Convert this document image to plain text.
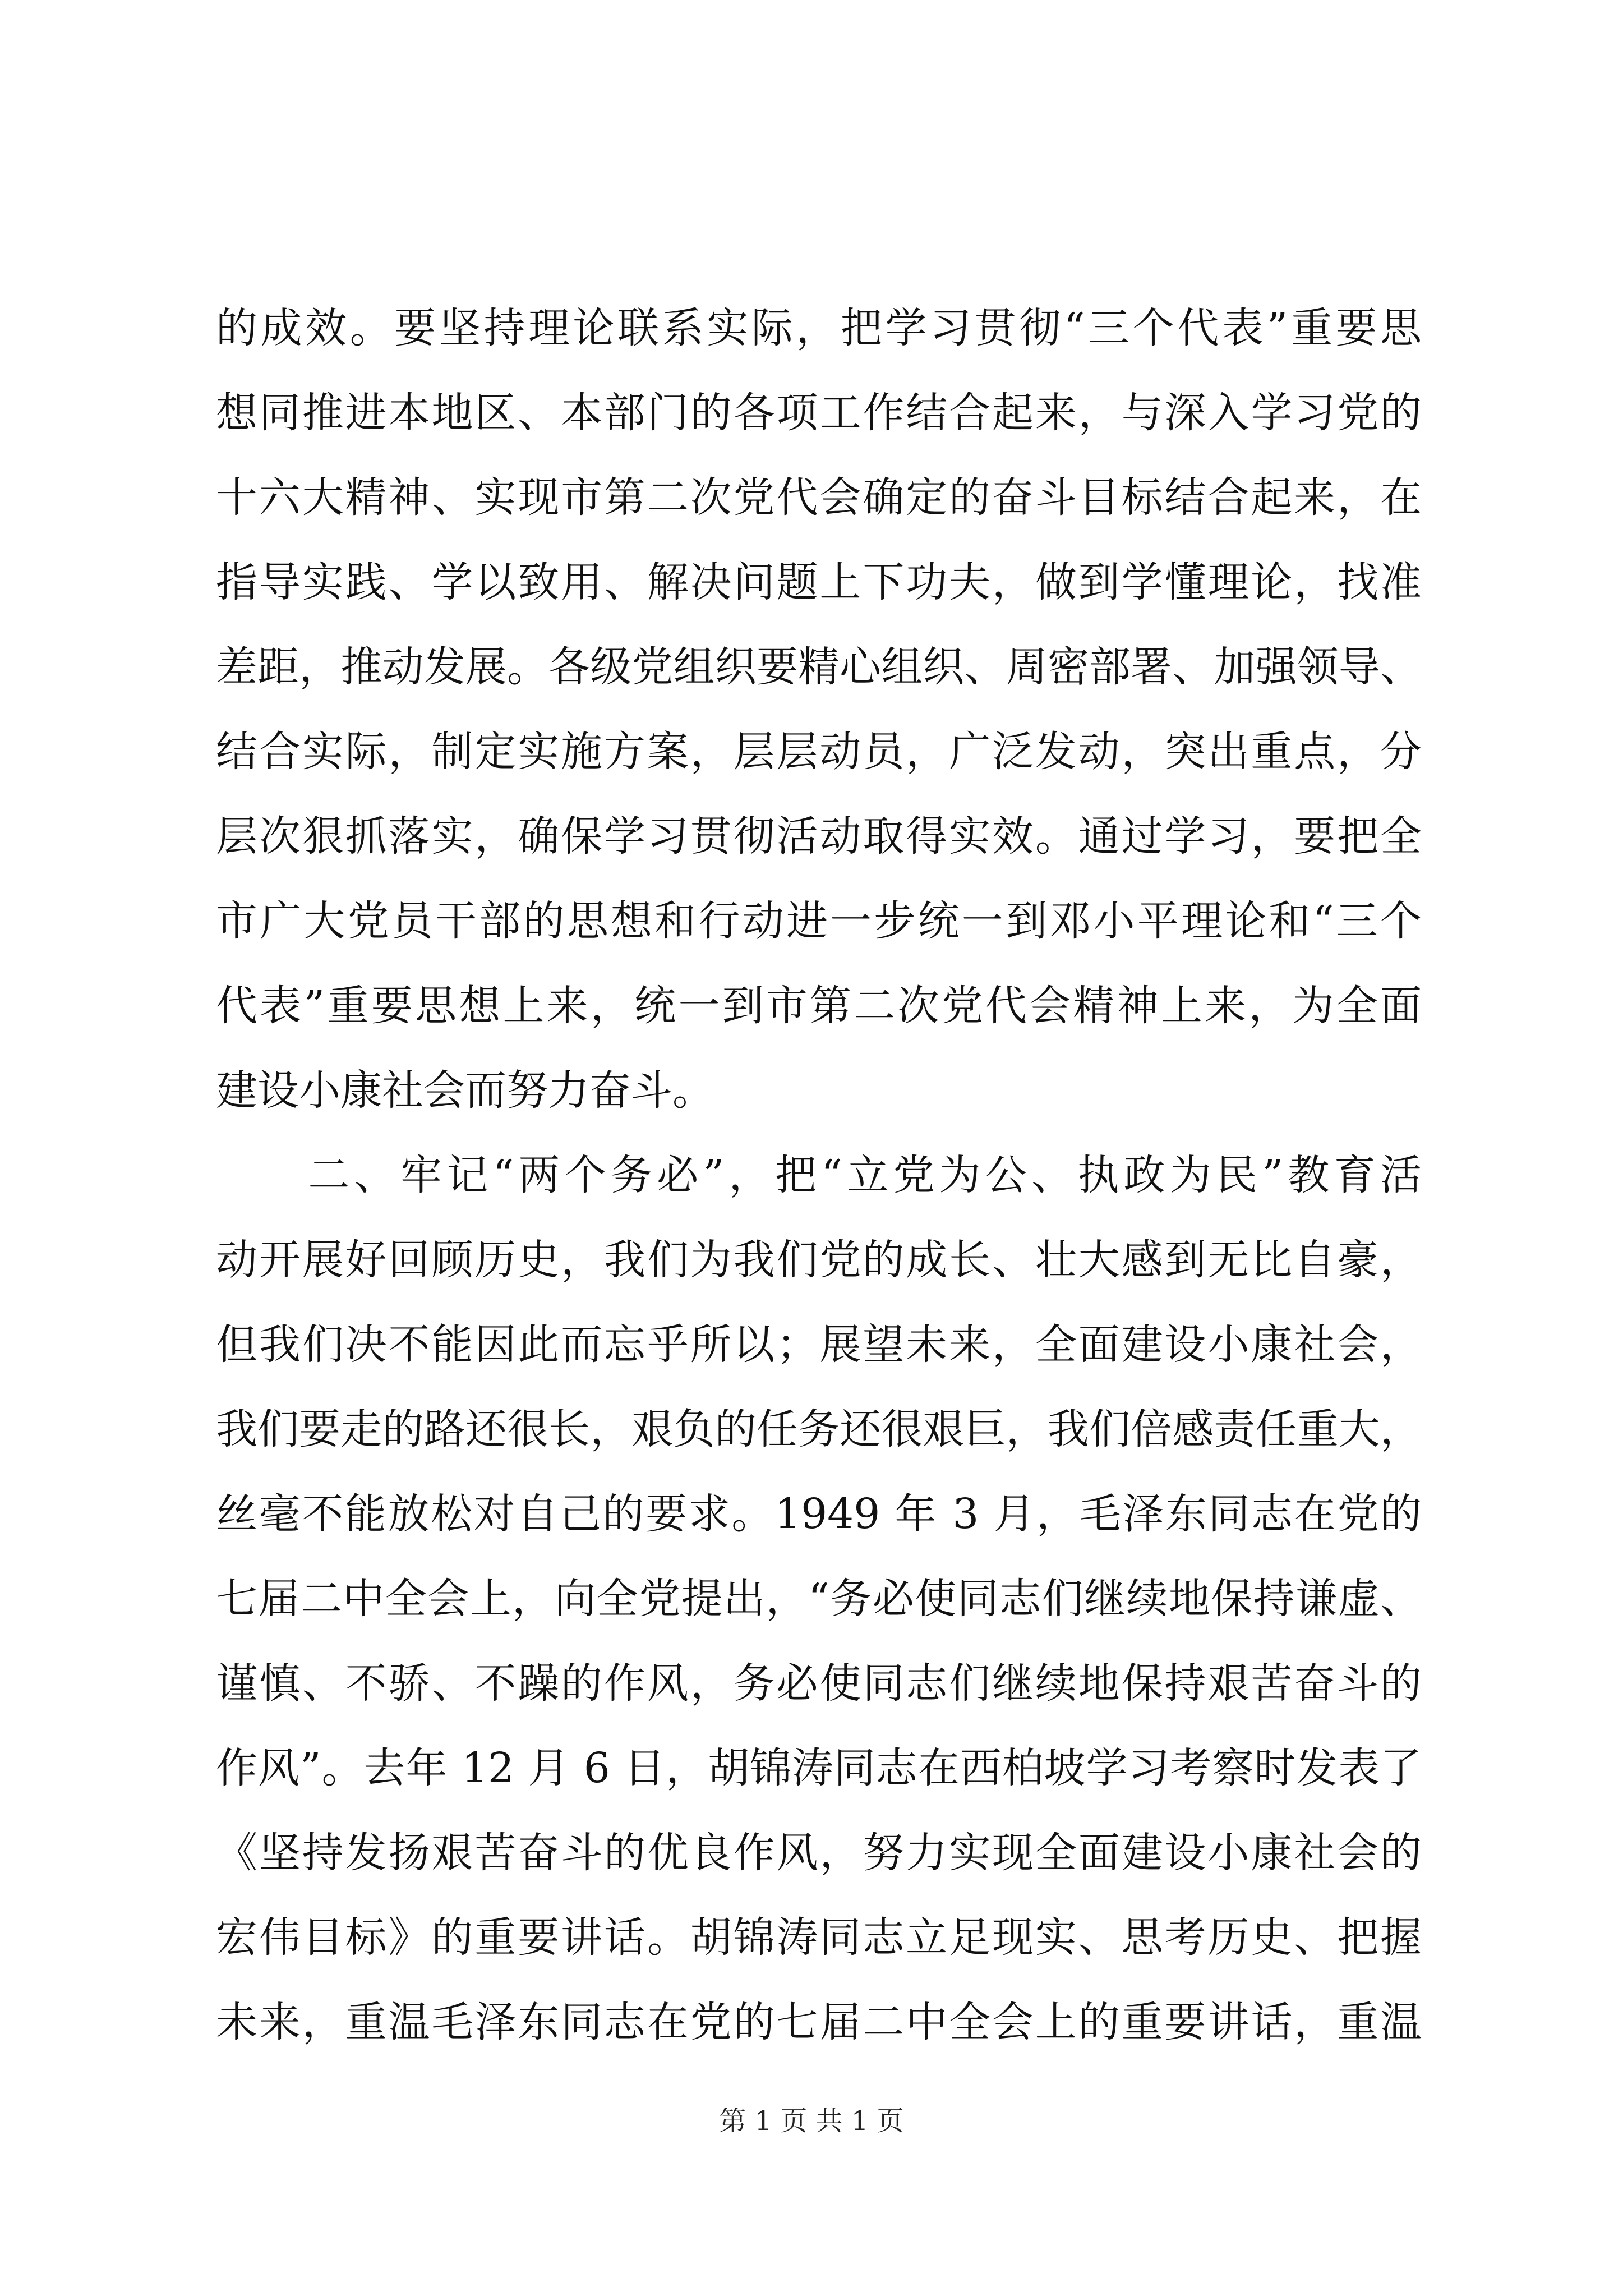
的成效。要坚持理论联系实际，把学习贯彻“三个代表”重要思
想同推进本地区、本部门的各项工作结合起来，与深入学习党的
十六大精神、实现市第二次党代会确定的奋斗目标结合起来，在
指导实践、学以致用、解决问题上下功夫，做到学懂理论，找准
差距，推动发展。各级党组织要精心组织、周密部署、加强领导、
结合实际，制定实施方案，层层动员，广泛发动，突出重点，分
层次狠抓落实，确保学习贯彻活动取得实效。通过学习，要把全
市广大党员干部的思想和行动进一步统一到邓小平理论和“三个
代表”重要思想上来，统一到市第二次党代会精神上来，为全面
建设小康社会而努力奋斗。
　　二、牢记“两个务必”，把“立党为公、执政为民”教育活
动开展好回顾历史，我们为我们党的成长、壮大感到无比自豪，
但我们决不能因此而忘乎所以；展望未来，全面建设小康社会，
我们要走的路还很长，艰负的任务还很艰巨，我们倍感责任重大，
丝毫不能放松对自己的要求。1949 年 3 月，毛泽东同志在党的
七届二中全会上，向全党提出，“务必使同志们继续地保持谦虚、
谨慎、不骄、不躁的作风，务必使同志们继续地保持艰苦奋斗的
作风”。去年 12 月 6 日，胡锦涛同志在西柏坡学习考察时发表了
《坚持发扬艰苦奋斗的优良作风，努力实现全面建设小康社会的
宏伟目标》的重要讲话。胡锦涛同志立足现实、思考历史、把握
未来，重温毛泽东同志在党的七届二中全会上的重要讲话，重温
第 1 页 共 1 页
